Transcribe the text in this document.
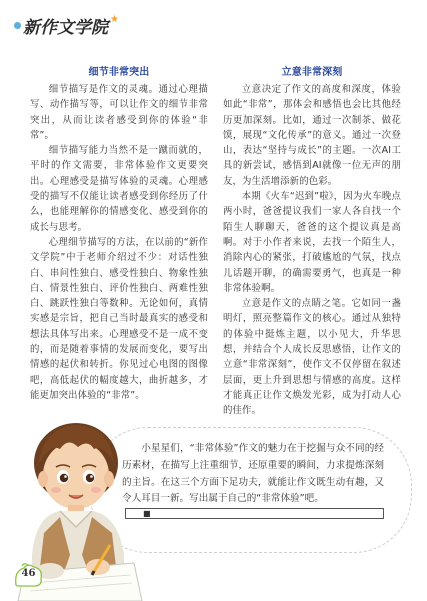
新作文学院 ★
细节非常突出

细节描写是作文的灵魂。通过心理描写、动作描写等，可以让作文的细节非常突出，从而让读者感受到你的体验“非常”。

细节描写能力当然不是一蹴而就的，平时的作文需要，非常体验作文更要突出。心理感受是描写体验的灵魂。心理感受的描写不仅能让读者感受到你经历了什么，也能理解你的情感变化、感受到你的成长与思考。

心理细节描写的方法，在以前的“新作文学院”中于老师介绍过不少：对话性独白、串问性独白、感受性独白、物象性独白、情景性独白、评价性独白、两难性独白、跳跃性独白等数种。无论如何，真情实感是宗旨，把自己当时最真实的感受和想法具体写出来。心理感受不是一成不变的，而是随着事情的发展而变化，要写出情感的起伏和转折。你见过心电图的图像吧，高低起伏的幅度越大，曲折越多，才能更加突出体验的“非常”。

立意非常深刻

立意决定了作文的高度和深度，体验如此“非常”，那体会和感悟也会比其他经历更加深刻。比如，通过一次制茶、做花馍，展现“文化传承”的意义。通过一次登山，表达“坚持与成长”的主题。一次AI工具的新尝试，感悟到AI就像一位无声的朋友，为生活增添新的色彩。

本期《火车“迟到”啦》，因为火车晚点两小时，爸爸提议我们一家人各自找一个陌生人聊聊天，爸爸的这个提议真是高啊。对于小作者来说，去找一个陌生人，消除内心的紧张，打破尴尬的气氛，找点儿话题开聊，的确需要勇气，也真是一种非常体验啊。

立意是作文的点睛之笔。它如同一盏明灯，照亮整篇作文的核心。通过从独特的体验中挺炼主题，以小见大，升华思想，并结合个人成长反思感悟，让作文的立意“非常深刻”，使作文不仅停留在叙述层面，更上升到思想与情感的高度。这样才能真正让作文焕发光彩，成为打动人心的佳作。

小星星们，“非常体验”作文的魅力在于挖掘与众不同的经历素材，在描写上注重细节，还原重要的瞬间，力求提炼深刻的主旨。在这三个方面下足功夫，就能让作文既生动有趣，又令人耳目一新。写出属于自己的“非常体验”吧。
■
46
